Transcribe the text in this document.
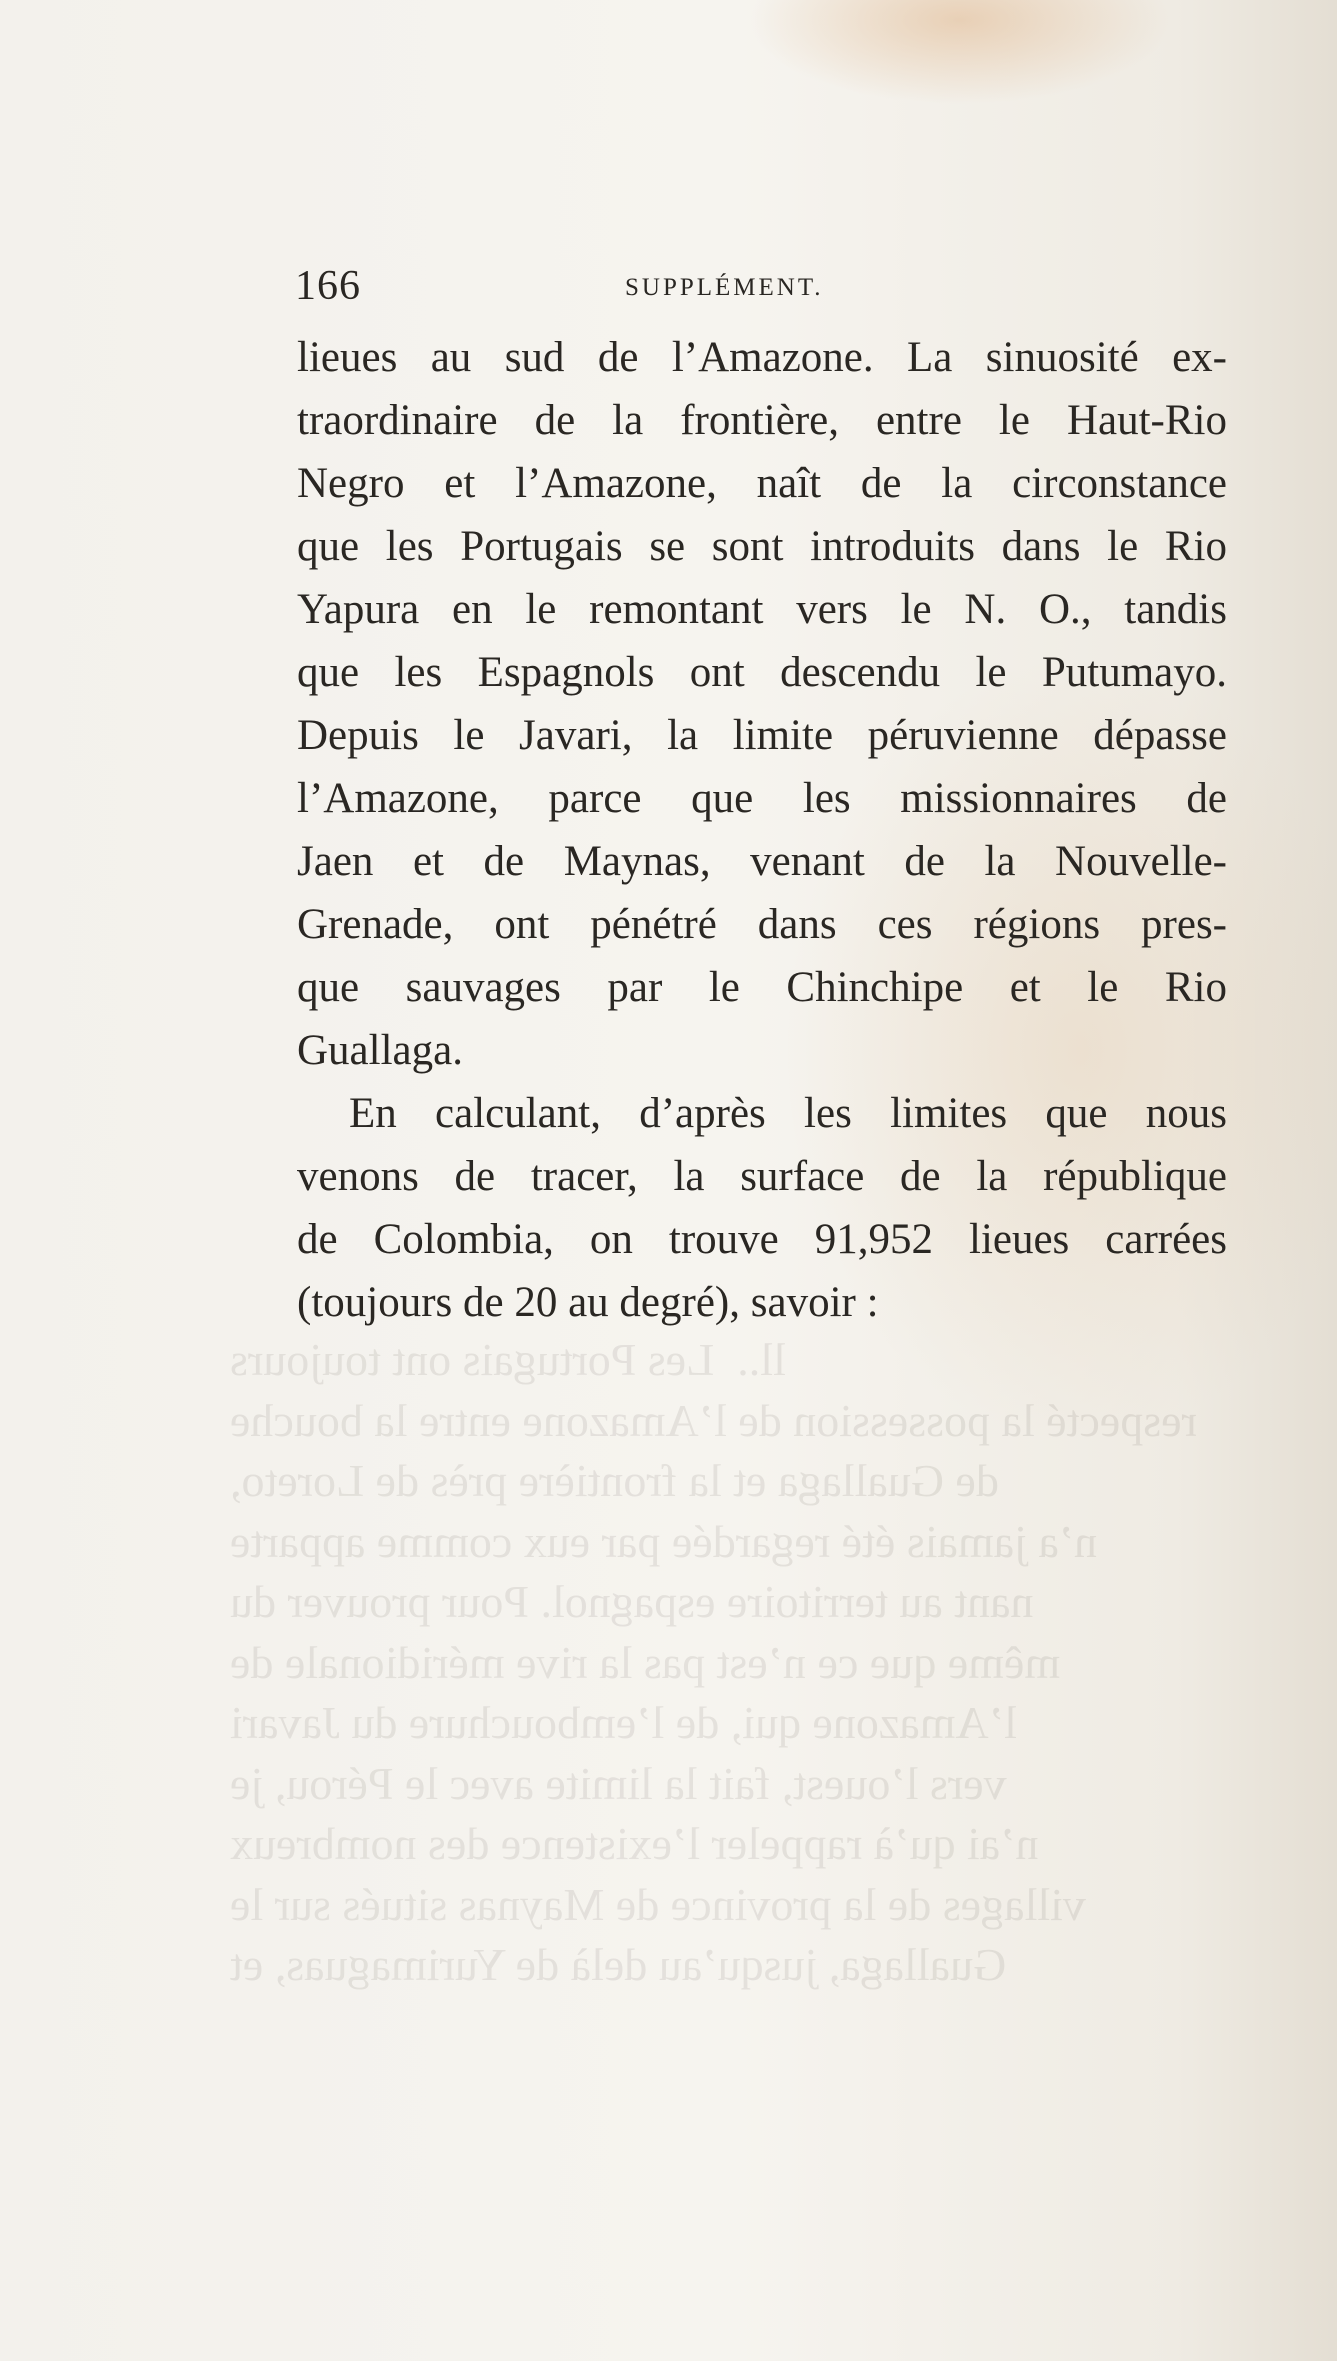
ll..  Les Portugais ont toujours
respecté la possession de l’Amazone entre la bouche
de Guallaga et la frontière près de Loreto,
n’a jamais été regardée par eux comme apparte
nant au territoire espagnol. Pour prouver du
même que ce n’est pas la rive méridionale de
l’Amazone qui, de l’embouchure du Javari
vers l’ouest, fait la limite avec le Pérou, je
n’ai qu’à rappeler l’existence des nombreux
villages de la province de Maynas situés sur le
Guallaga, jusqu’au delà de Yurimaguas, et
166	SUPPLÉMENT.
lieues au sud de l’Amazone. La sinuosité ex-
traordinaire de la frontière, entre le Haut-Rio
Negro et l’Amazone, naît de la circonstance
que les Portugais se sont introduits dans le Rio
Yapura en le remontant vers le N. O., tandis
que les Espagnols ont descendu le Putumayo.
Depuis le Javari, la limite péruvienne dépasse
l’Amazone, parce que les missionnaires de
Jaen et de Maynas, venant de la Nouvelle-
Grenade, ont pénétré dans ces régions pres-
que sauvages par le Chinchipe et le Rio
Guallaga.
En calculant, d’après les limites que nous
venons de tracer, la surface de la république
de Colombia, on trouve 91,952 lieues carrées
(toujours de 20 au degré), savoir :
